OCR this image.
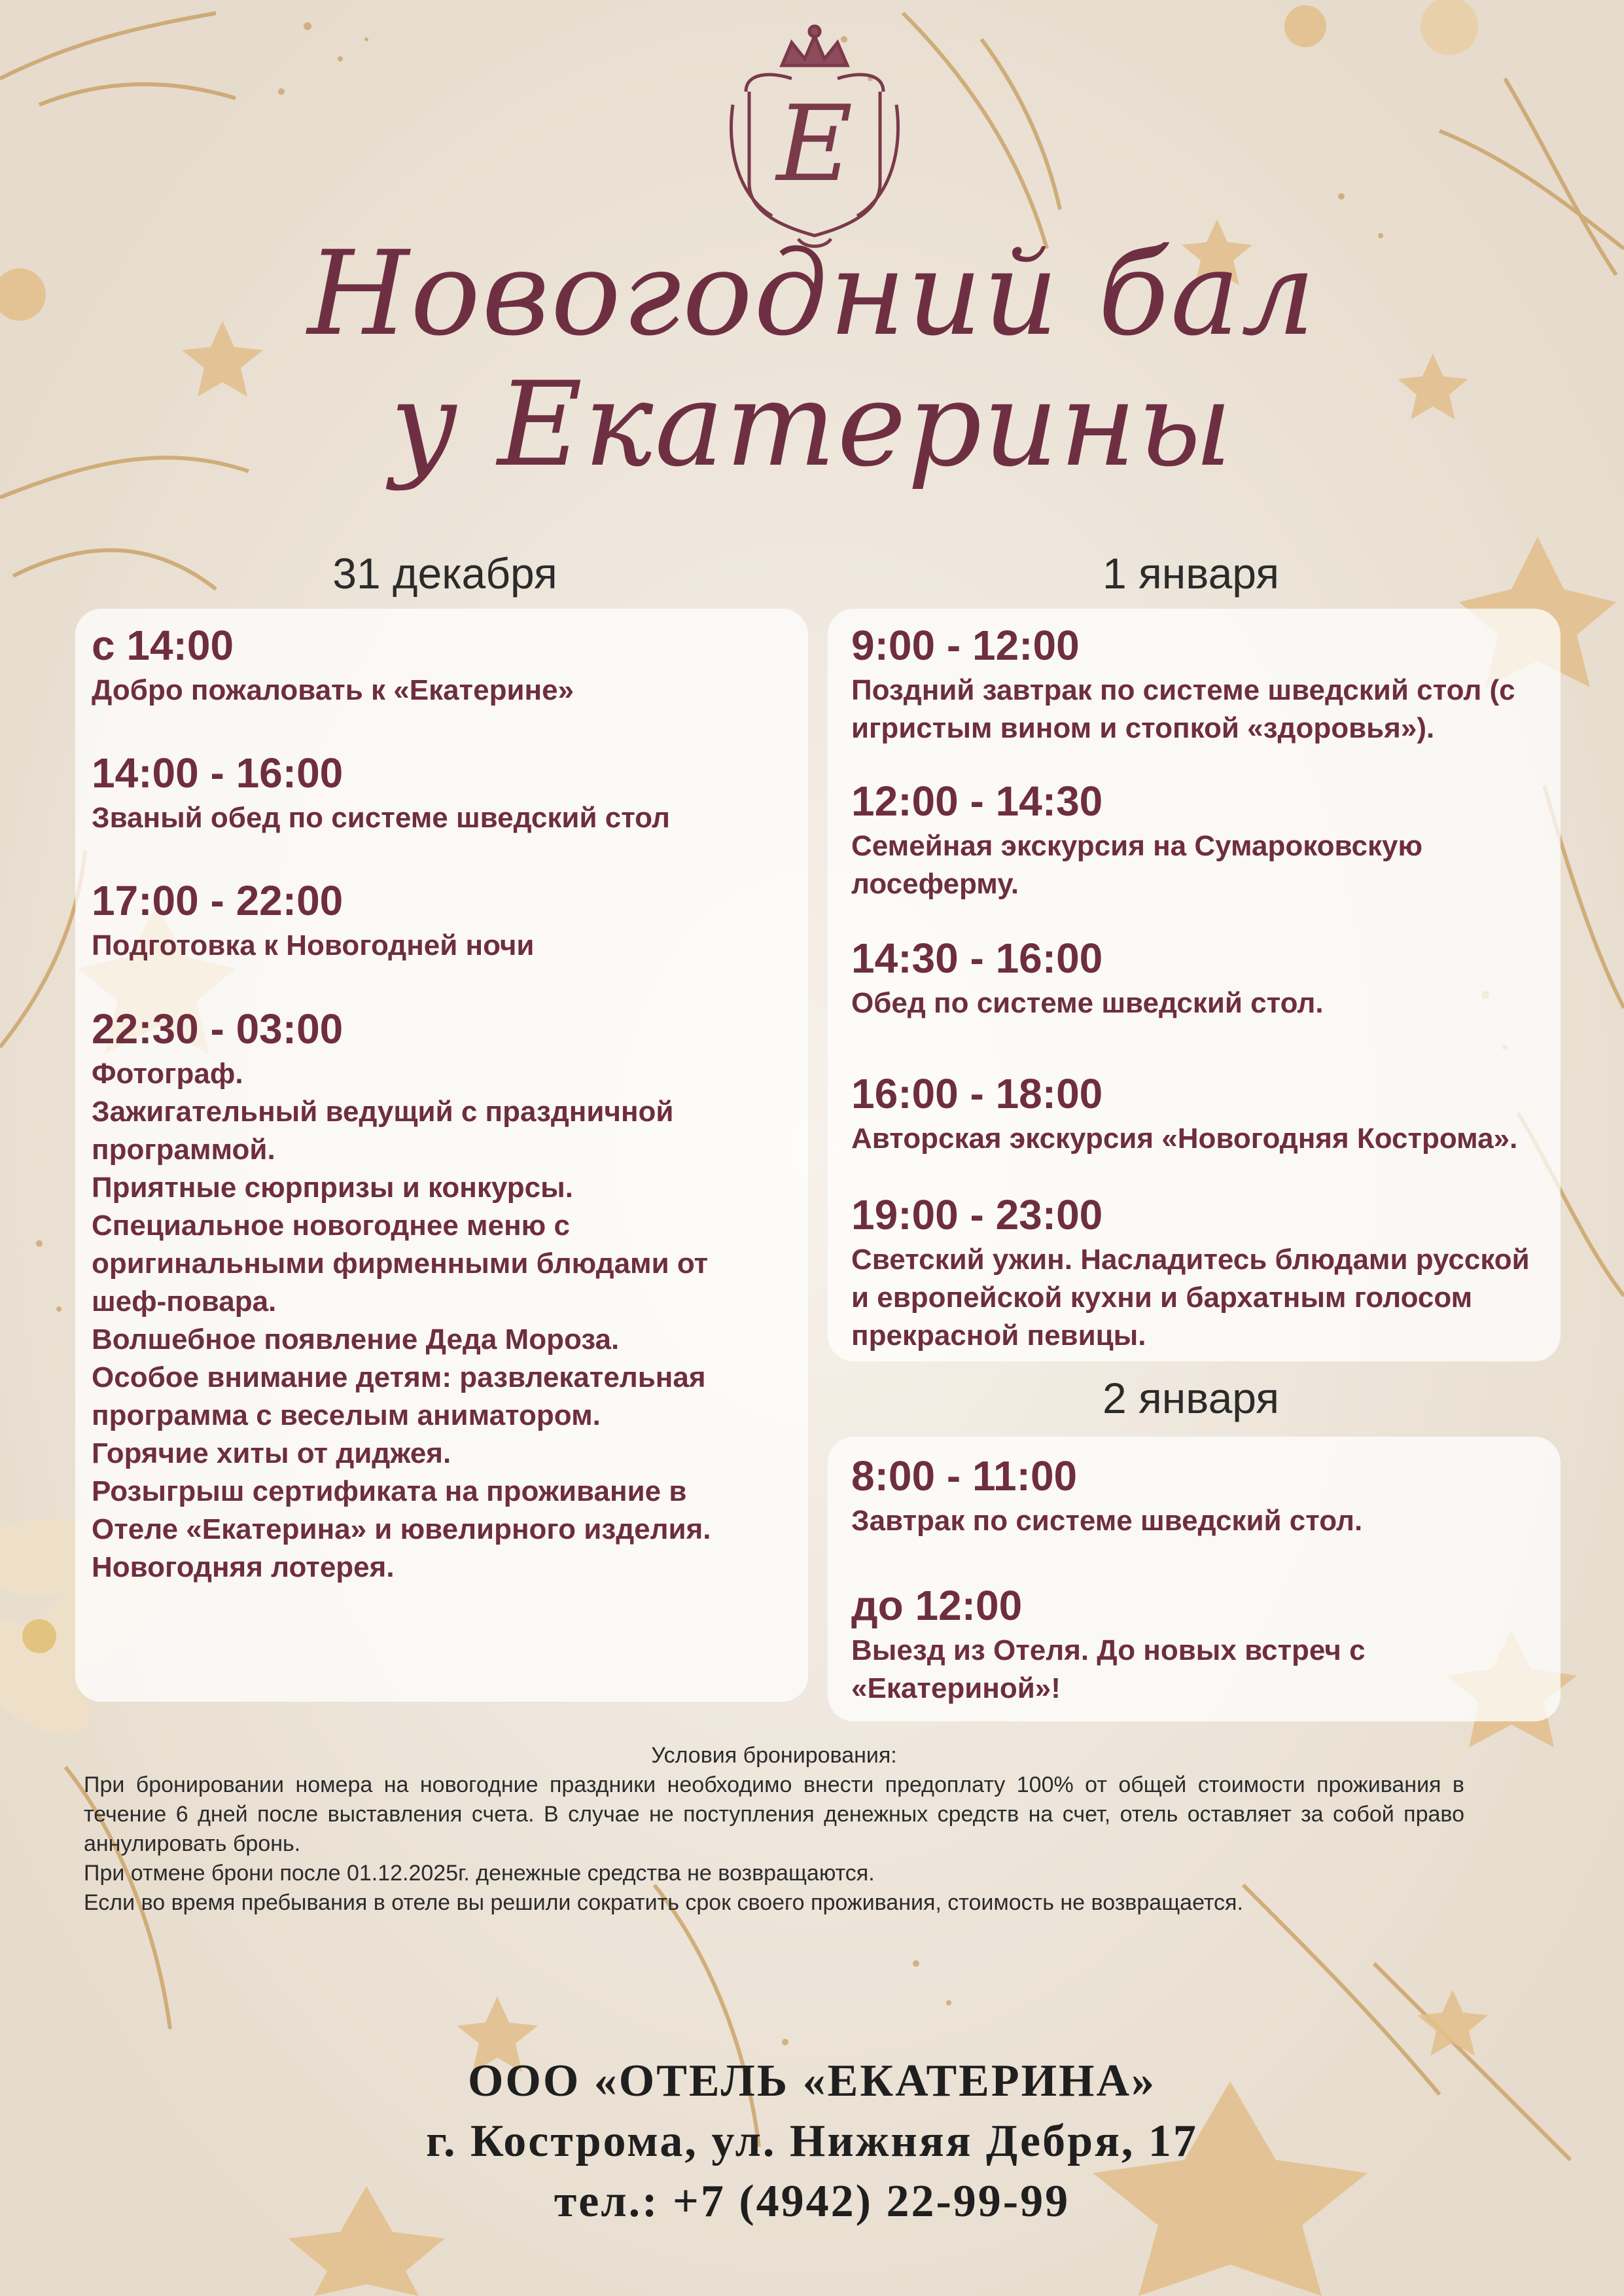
E
Новогодний бал
у Екатерины
31 декабря	1 января
2 января
с 14:00
Добро пожаловать к «Екатерине»
14:00 - 16:00
Званый обед по системе шведский стол
17:00 - 22:00
Подготовка к Новогодней ночи
22:30 - 03:00
Фотограф.
Зажигательный ведущий с праздничной
программой.
Приятные сюрпризы и конкурсы.
Специальное новогоднее меню с
оригинальными фирменными блюдами от
шеф-повара.
Волшебное появление Деда Мороза.
Особое внимание детям: развлекательная
программа с веселым аниматором.
Горячие хиты от диджея.
Розыгрыш сертификата на проживание в
Отеле «Екатерина» и ювелирного изделия.
Новогодняя лотерея.
9:00 - 12:00
Поздний завтрак по системе шведский стол (с
игристым вином и стопкой «здоровья»).
12:00 - 14:30
Семейная экскурсия на Сумароковскую
лосеферму.
14:30 - 16:00
Обед по системе шведский стол.
16:00 - 18:00
Авторская экскурсия «Новогодняя Кострома».
19:00 - 23:00
Светский ужин. Насладитесь блюдами русской
и европейской кухни и бархатным голосом
прекрасной певицы.
8:00 - 11:00
Завтрак по системе шведский стол.
до 12:00
Выезд из Отеля. До новых встреч с
«Екатериной»!
Условия бронирования:
При бронировании номера на новогодние праздники необходимо внести предоплату 100% от общей стоимости проживания в течение 6 дней после выставления счета. В случае не поступления денежных средств на счет, отель оставляет за собой право аннулировать бронь.
При отмене брони после 01.12.2025г. денежные средства не возвращаются.
Если во время пребывания в отеле вы решили сократить срок своего проживания, стоимость не возвращается.
ООО «ОТЕЛЬ «ЕКАТЕРИНА»
г. Кострома, ул. Нижняя Дебря, 17
тел.: +7 (4942) 22-99-99
